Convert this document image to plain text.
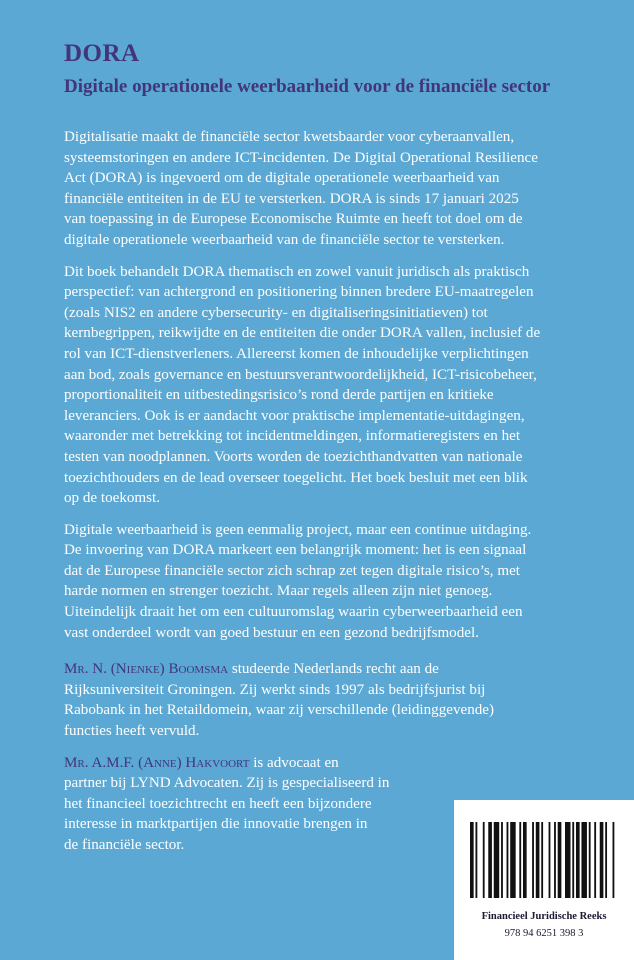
DORA
Digitale operationele weerbaarheid voor de financiële sector

Digitalisatie maakt de financiële sector kwetsbaarder voor cyberaanvallen,
systeemstoringen en andere ICT-incidenten. De Digital Operational Resilience
Act (DORA) is ingevoerd om de digitale operationele weerbaarheid van
financiële entiteiten in de EU te versterken. DORA is sinds 17 januari 2025
van toepassing in de Europese Economische Ruimte en heeft tot doel om de
digitale operationele weerbaarheid van de financiële sector te versterken.

Dit boek behandelt DORA thematisch en zowel vanuit juridisch als praktisch
perspectief: van achtergrond en positionering binnen bredere EU-maatregelen
(zoals NIS2 en andere cybersecurity- en digitaliseringsinitiatieven) tot
kernbegrippen, reikwijdte en de entiteiten die onder DORA vallen, inclusief de
rol van ICT-dienstverleners. Allereerst komen de inhoudelijke verplichtingen
aan bod, zoals governance en bestuursverantwoordelijkheid, ICT-risicobeheer,
proportionaliteit en uitbestedingsrisico’s rond derde partijen en kritieke
leveranciers. Ook is er aandacht voor praktische implementatie-uitdagingen,
waaronder met betrekking tot incidentmeldingen, informatieregisters en het
testen van noodplannen. Voorts worden de toezichthandvatten van nationale
toezichthouders en de lead overseer toegelicht. Het boek besluit met een blik
op de toekomst.

Digitale weerbaarheid is geen eenmalig project, maar een continue uitdaging.
De invoering van DORA markeert een belangrijk moment: het is een signaal
dat de Europese financiële sector zich schrap zet tegen digitale risico’s, met
harde normen en strenger toezicht. Maar regels alleen zijn niet genoeg.
Uiteindelijk draait het om een cultuuromslag waarin cyberweerbaarheid een
vast onderdeel wordt van goed bestuur en een gezond bedrijfsmodel.

Mr. N. (Nienke) Boomsma studeerde Nederlands recht aan de
Rijksuniversiteit Groningen. Zij werkt sinds 1997 als bedrijfsjurist bij
Rabobank in het Retaildomein, waar zij verschillende (leidinggevende)
functies heeft vervuld.

Mr. A.M.F. (Anne) Hakvoort is advocaat en
partner bij LYND Advocaten. Zij is gespecialiseerd in
het financieel toezichtrecht en heeft een bijzondere
interesse in marktpartijen die innovatie brengen in
de financiële sector.

Financieel Juridische Reeks
978 94 6251 398 3
